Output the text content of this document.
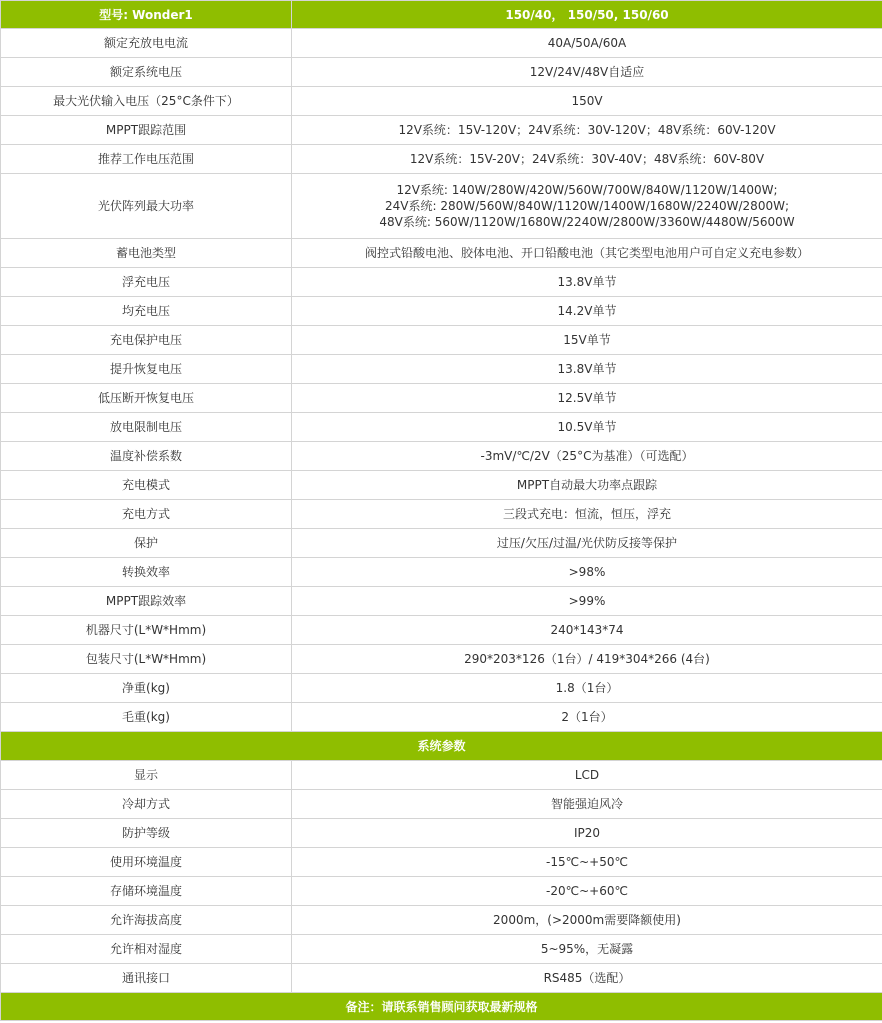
型号: Wonder1	150/40， 150/50, 150/60
额定充放电电流	40A/50A/60A
额定系统电压	12V/24V/48V自适应
最大光伏输入电压（25°C条件下）	150V
MPPT跟踪范围	12V系统：15V-120V；24V系统：30V-120V；48V系统：60V-120V
推荐工作电压范围	12V系统：15V-20V；24V系统：30V-40V；48V系统：60V-80V
光伏阵列最大功率	12V系统: 140W/280W/420W/560W/700W/840W/1120W/1400W;
24V系统: 280W/560W/840W/1120W/1400W/1680W/2240W/2800W;
48V系统: 560W/1120W/1680W/2240W/2800W/3360W/4480W/5600W

蓄电池类型	阀控式铅酸电池、胶体电池、开口铅酸电池（其它类型电池用户可自定义充电参数）
浮充电压	13.8V单节
均充电压	14.2V单节
充电保护电压	15V单节
提升恢复电压	13.8V单节
低压断开恢复电压	12.5V单节
放电限制电压	10.5V单节
温度补偿系数	-3mV/℃/2V（25°C为基准）（可选配）
充电模式	MPPT自动最大功率点跟踪
充电方式	三段式充电：恒流，恒压，浮充
保护	过压/欠压/过温/光伏防反接等保护
转换效率	>98%
MPPT跟踪效率	>99%
机器尺寸(L*W*Hmm)	240*143*74
包装尺寸(L*W*Hmm)	290*203*126（1台）/ 419*304*266 (4台)
净重(kg)	1.8（1台）
毛重(kg)	2（1台）
系统参数	
显示	LCD
冷却方式	智能强迫风冷
防护等级	IP20
使用环境温度	-15℃~+50℃
存储环境温度	-20℃~+60℃
允许海拔高度	2000m，(>2000m需要降额使用)
允许相对湿度	5~95%，无凝露
通讯接口	RS485（选配）
备注：请联系销售顾问获取最新规格	
